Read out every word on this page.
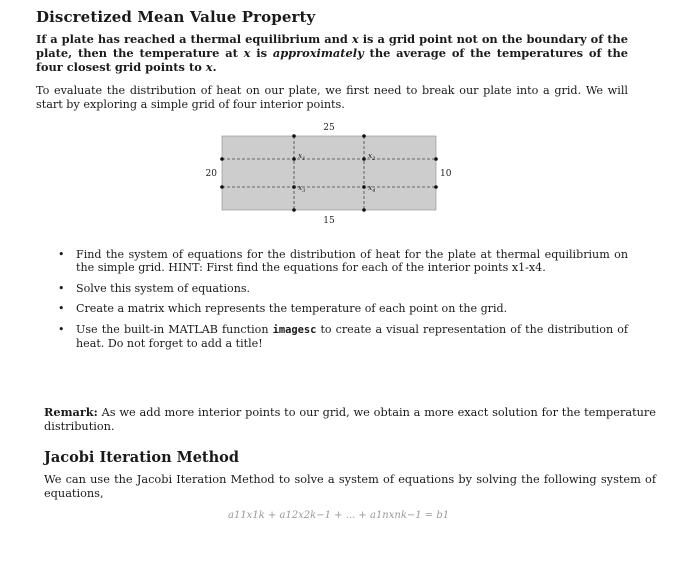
Discretized Mean Value Property
If a plate has reached a thermal equilibrium and x is a grid point not on the boundary of the plate, then the temperature at x is approximately the average of the temperatures of the four closest grid points to x.
To evaluate the distribution of heat on our plate, we first need to break our plate into a grid. We will start by exploring a simple grid of four interior points.
$x_1$	$x_2$
$x_3$	$x_4$
25
20	10
15
• Find the system of equations for the distribution of heat for the plate at thermal equilibrium on the simple grid. HINT: First find the equations for each of the interior points x1-x4.
• Solve this system of equations.
• Create a matrix which represents the temperature of each point on the grid.
• Use the built-in MATLAB function imagesc to create a visual representation of the distribution of heat. Do not forget to add a title!
Remark: As we add more interior points to our grid, we obtain a more exact solution for the temperature distribution.
Jacobi Iteration Method
We can use the Jacobi Iteration Method to solve a system of equations by solving the following system of equations,
a11x1k + a12x2k−1 + ... + a1nxnk−1 = b1
